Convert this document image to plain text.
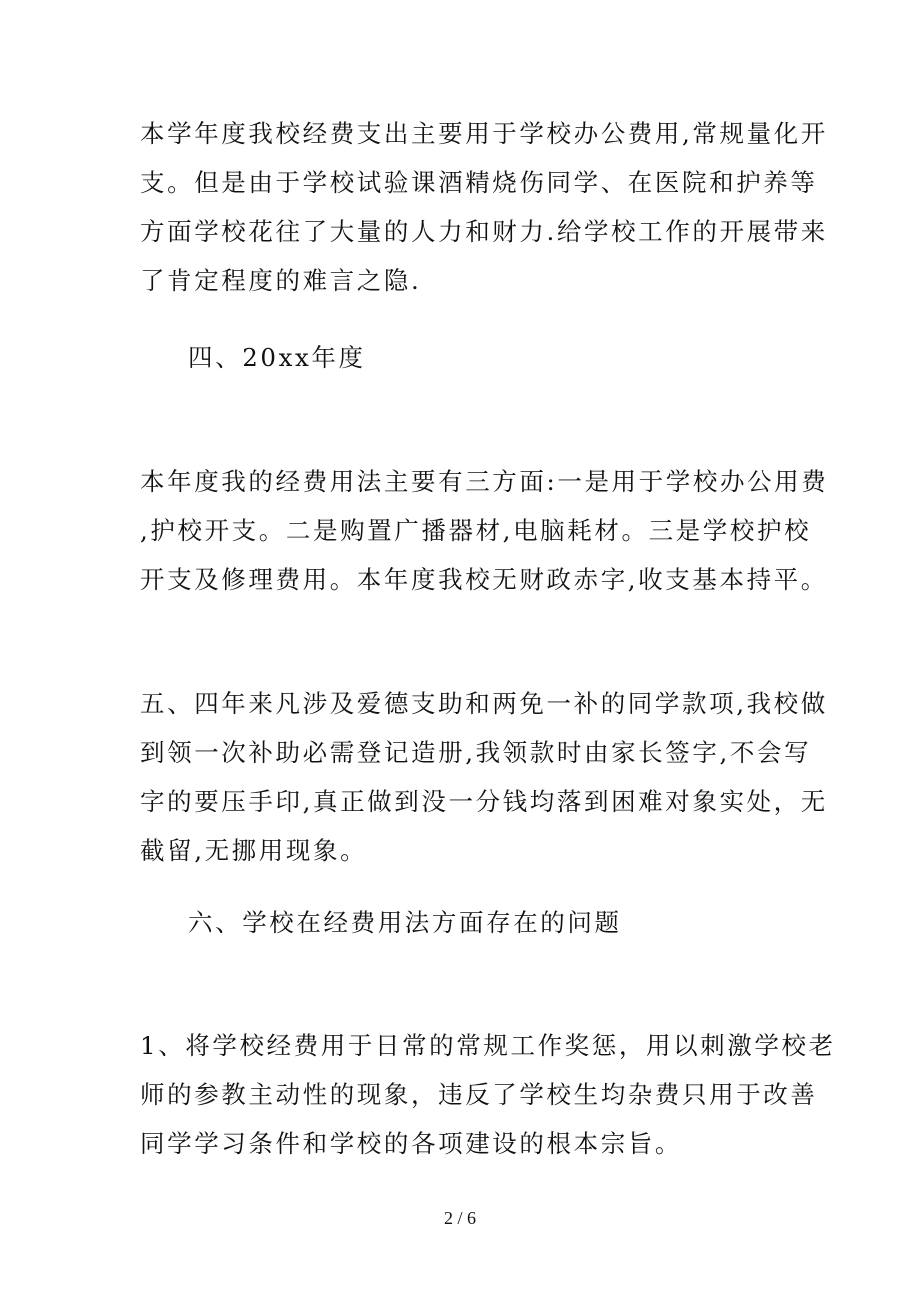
本学年度我校经费支出主要用于学校办公费用,常规量化开
支。但是由于学校试验课酒精烧伤同学、在医院和护养等
方面学校花往了大量的人力和财力.给学校工作的开展带来
了肯定程度的难言之隐.
四、20xx年度
本年度我的经费用法主要有三方面:一是用于学校办公用费
,护校开支。二是购置广播器材,电脑耗材。三是学校护校
开支及修理费用。本年度我校无财政赤字,收支基本持平。
五、四年来凡涉及爱德支助和两免一补的同学款项,我校做
到领一次补助必需登记造册,我领款时由家长签字,不会写
字的要压手印,真正做到没一分钱均落到困难对象实处，无
截留,无挪用现象。
六、学校在经费用法方面存在的问题
1、将学校经费用于日常的常规工作奖惩，用以刺激学校老
师的参教主动性的现象，违反了学校生均杂费只用于改善
同学学习条件和学校的各项建设的根本宗旨。
2 / 6
